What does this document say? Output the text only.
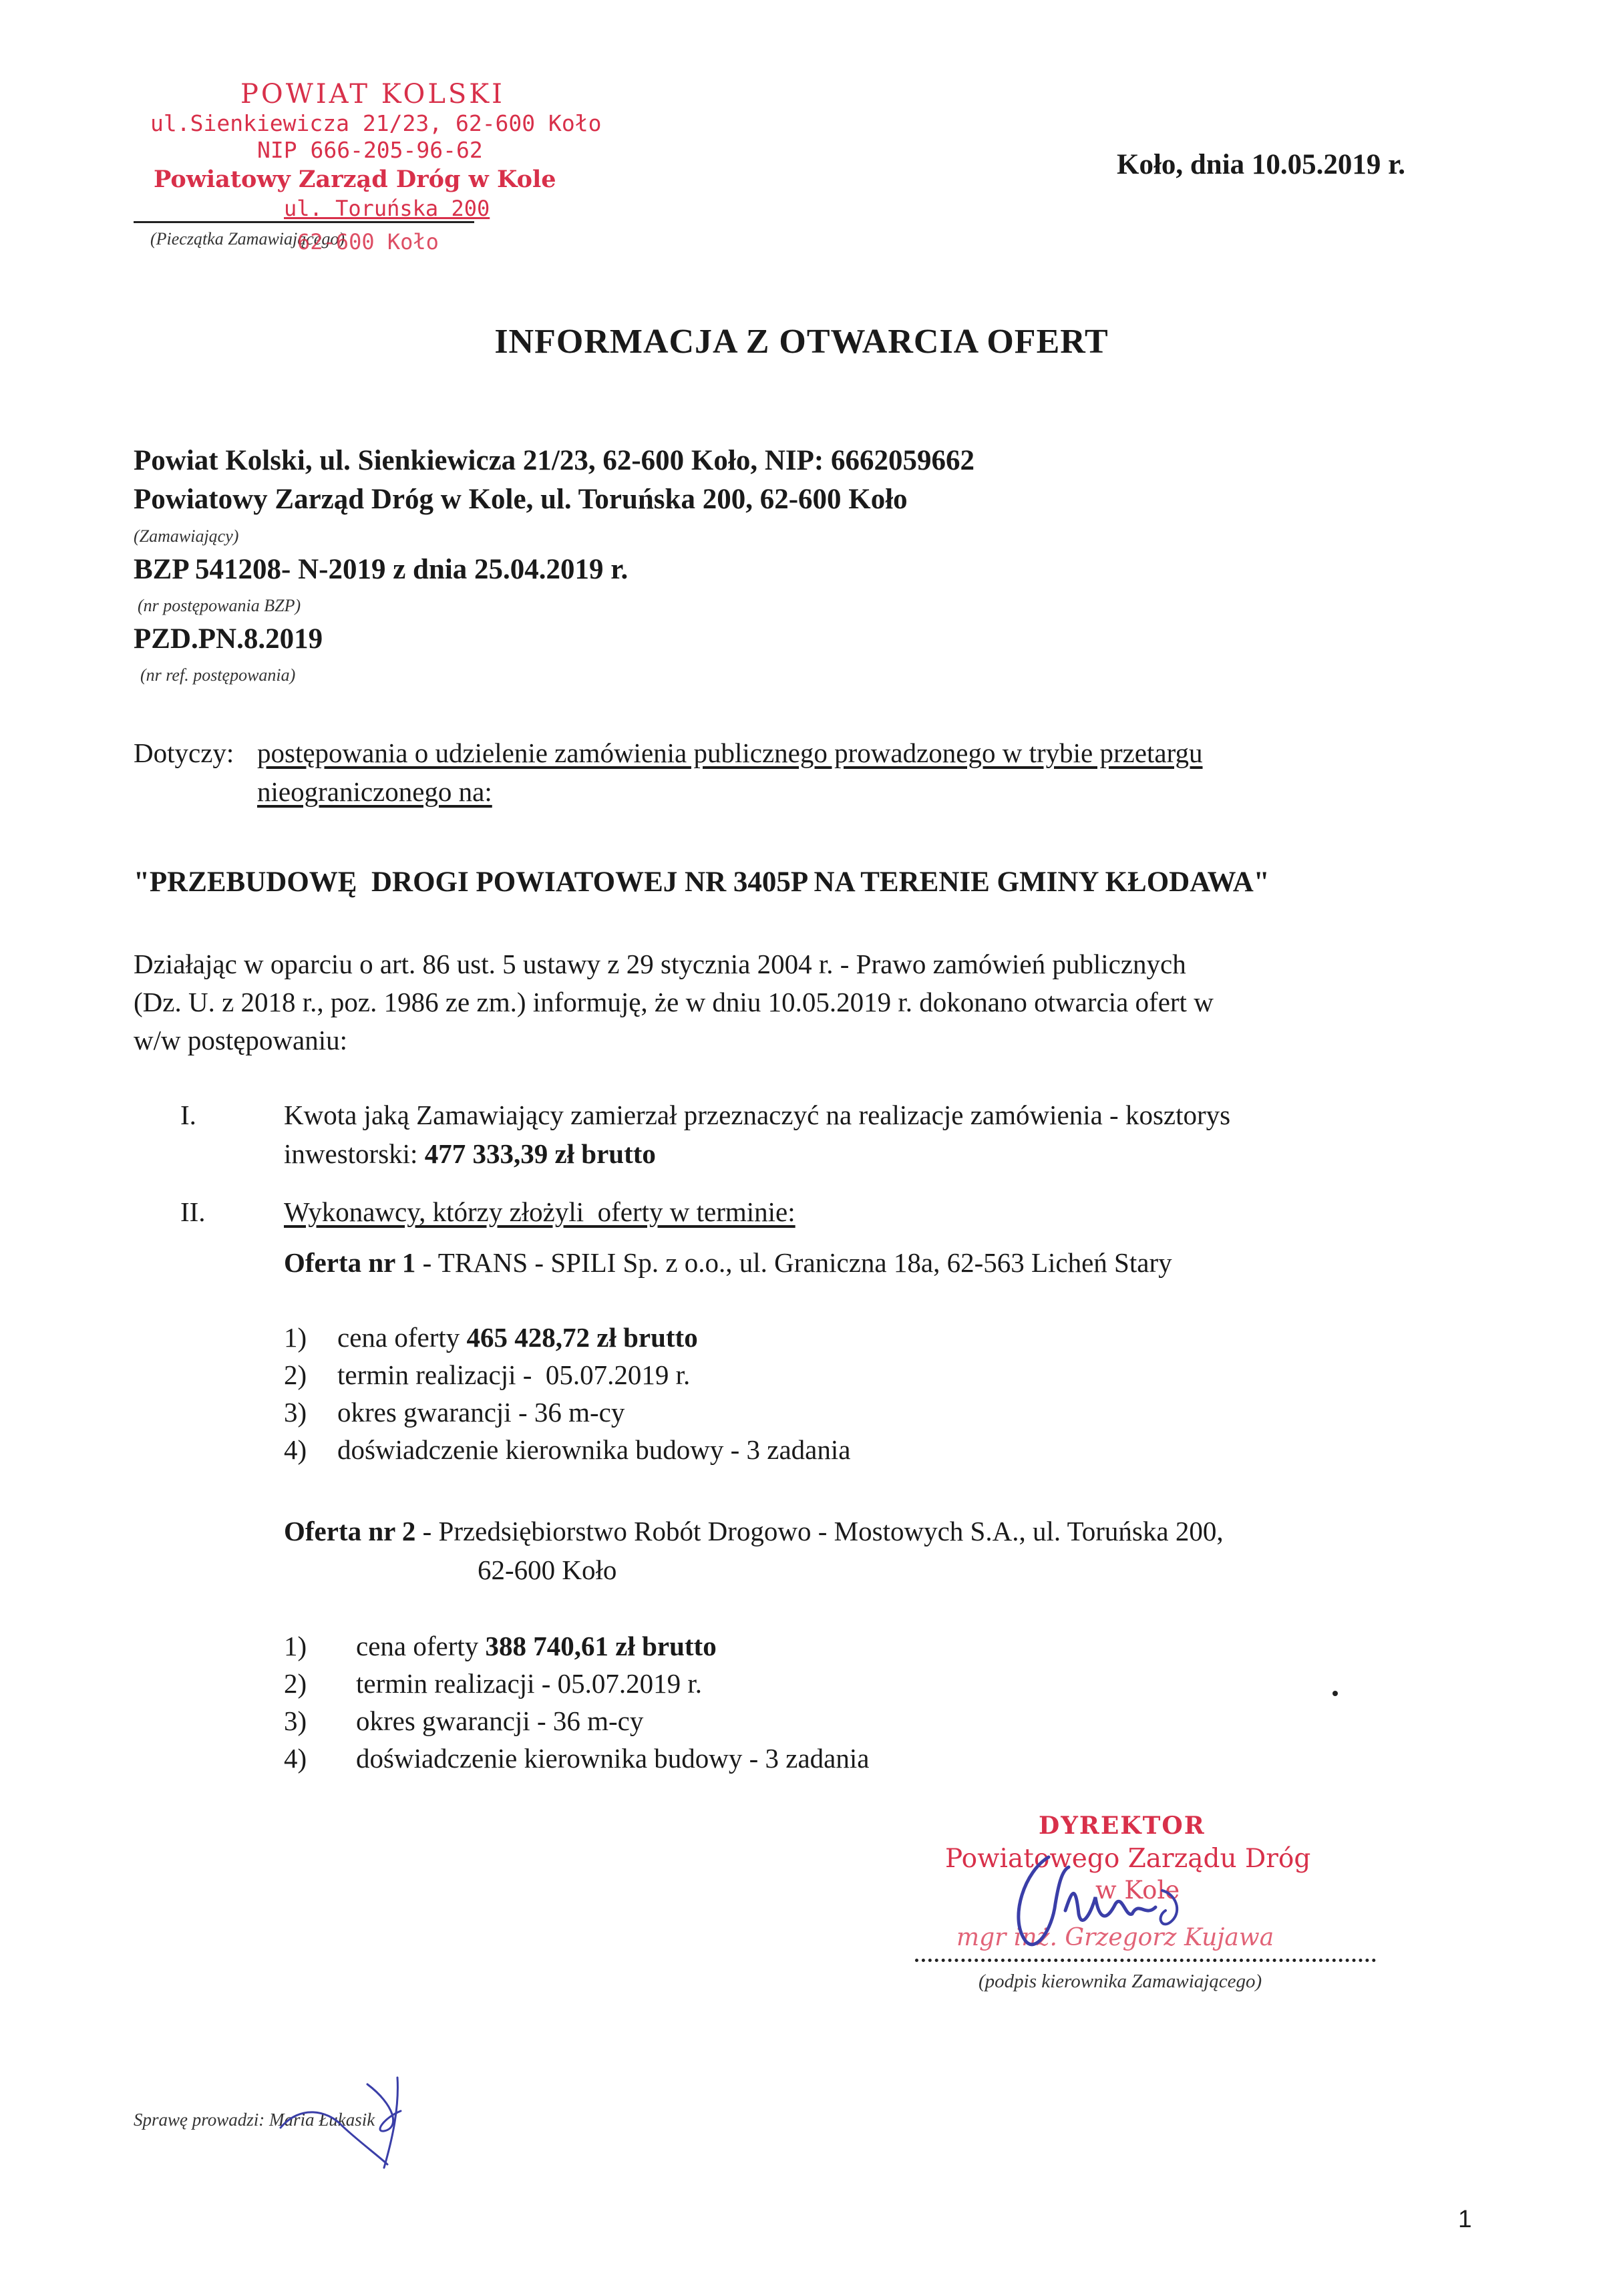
POWIAT KOLSKI
ul.Sienkiewicza 21/23, 62-600 Koło
NIP 666-205-96-62
Powiatowy Zarząd Dróg w Kole
ul. Toruńska 200
(Pieczątka Zamawiającego)
62-600 Koło
Koło, dnia 10.05.2019 r.
INFORMACJA Z OTWARCIA OFERT
Powiat Kolski, ul. Sienkiewicza 21/23, 62-600 Koło, NIP: 6662059662
Powiatowy Zarząd Dróg w Kole, ul. Toruńska 200, 62-600 Koło
(Zamawiający)
BZP 541208- N-2019 z dnia 25.04.2019 r.
(nr postępowania BZP)
PZD.PN.8.2019
(nr ref. postępowania)
Dotyczy: postępowania o udzielenie zamówienia publicznego prowadzonego w trybie przetargu
nieograniczonego na:
"PRZEBUDOWĘ  DROGI POWIATOWEJ NR 3405P NA TERENIE GMINY KŁODAWA"
Działając w oparciu o art. 86 ust. 5 ustawy z 29 stycznia 2004 r. - Prawo zamówień publicznych
(Dz. U. z 2018 r., poz. 1986 ze zm.) informuję, że w dniu 10.05.2019 r. dokonano otwarcia ofert w
w/w postępowaniu:
I.	Kwota jaką Zamawiający zamierzał przeznaczyć na realizacje zamówienia - kosztorys
inwestorski: 477 333,39 zł brutto
II.	Wykonawcy, którzy złożyli  oferty w terminie:
Oferta nr 1 - TRANS - SPILI Sp. z o.o., ul. Graniczna 18a, 62-563 Licheń Stary
1) cena oferty 465 428,72 zł brutto
2) termin realizacji -  05.07.2019 r.
3) okres gwarancji - 36 m-cy
4) doświadczenie kierownika budowy - 3 zadania
Oferta nr 2 - Przedsiębiorstwo Robót Drogowo - Mostowych S.A., ul. Toruńska 200,
62-600 Koło
1) cena oferty 388 740,61 zł brutto
2) termin realizacji - 05.07.2019 r.
3) okres gwarancji - 36 m-cy
4) doświadczenie kierownika budowy - 3 zadania
DYREKTOR
Powiatowego Zarządu Dróg
w Kole
mgr inż. Grzegorz Kujawa
(podpis kierownika Zamawiającego)
Sprawę prowadzi: Maria Łukasik
1
